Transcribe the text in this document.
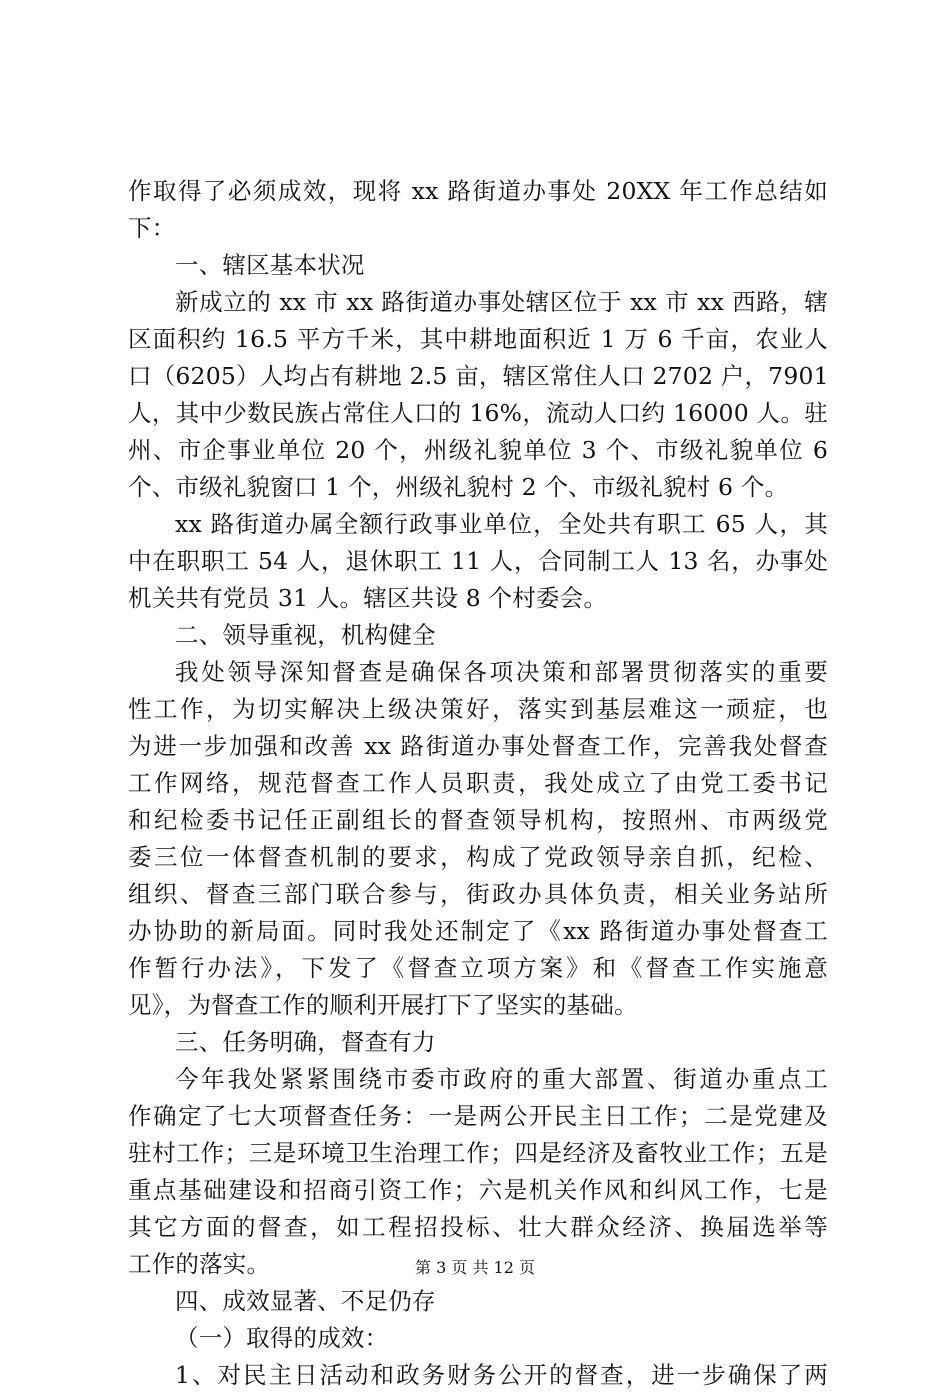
作取得了必须成效，现将 xx 路街道办事处 20XX 年工作总结如
下：
一、辖区基本状况
新成立的 xx 市 xx 路街道办事处辖区位于 xx 市 xx 西路，辖
区面积约 16.5 平方千米，其中耕地面积近 1 万 6 千亩，农业人
口（6205）人均占有耕地 2.5 亩，辖区常住人口 2702 户，7901
人，其中少数民族占常住人口的 16%，流动人口约 16000 人。驻
州、市企事业单位 20 个，州级礼貌单位 3 个、市级礼貌单位 6
个、市级礼貌窗口 1 个，州级礼貌村 2 个、市级礼貌村 6 个。
xx 路街道办属全额行政事业单位，全处共有职工 65 人，其
中在职职工 54 人，退休职工 11 人，合同制工人 13 名，办事处
机关共有党员 31 人。辖区共设 8 个村委会。
二、领导重视，机构健全
我处领导深知督查是确保各项决策和部署贯彻落实的重要
性工作，为切实解决上级决策好，落实到基层难这一顽症，也
为进一步加强和改善 xx 路街道办事处督查工作，完善我处督查
工作网络，规范督查工作人员职责，我处成立了由党工委书记
和纪检委书记任正副组长的督查领导机构，按照州、市两级党
委三位一体督查机制的要求，构成了党政领导亲自抓，纪检、
组织、督查三部门联合参与，街政办具体负责，相关业务站所
办协助的新局面。同时我处还制定了《xx 路街道办事处督查工
作暂行办法》，下发了《督查立项方案》和《督查工作实施意
见》，为督查工作的顺利开展打下了坚实的基础。
三、任务明确，督查有力
今年我处紧紧围绕市委市政府的重大部置、街道办重点工
作确定了七大项督查任务：一是两公开民主日工作；二是党建及
驻村工作；三是环境卫生治理工作；四是经济及畜牧业工作；五是
重点基础建设和招商引资工作；六是机关作风和纠风工作，七是
其它方面的督查，如工程招投标、壮大群众经济、换届选举等
工作的落实。
四、成效显著、不足仍存
（一）取得的成效：
1、对民主日活动和政务财务公开的督查，进一步确保了两
第 3 页 共 12 页
